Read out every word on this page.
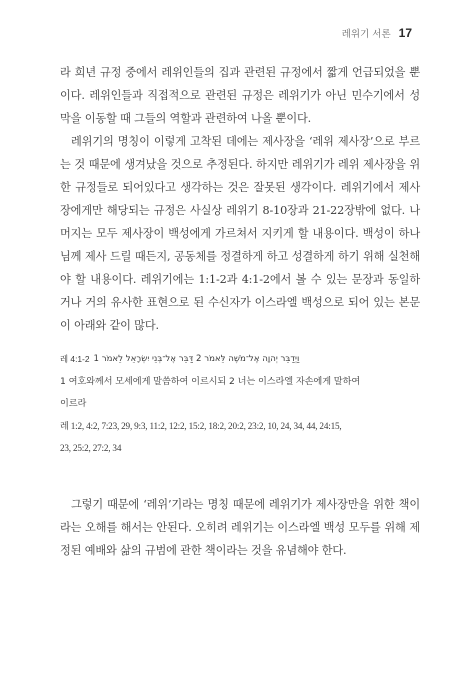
레위기 서론 17

라 희년 규정 중에서 레위인들의 집과 관련된 규정에서 짧게 언급되었을 뿐이다. 레위인들과 직접적으로 관련된 규정은 레위기가 아닌 민수기에서 성막을 이동할 때 그들의 역할과 관련하여 나올 뿐이다.

레위기의 명칭이 이렇게 고착된 데에는 제사장을 ‘레위 제사장’으로 부르는 것 때문에 생겨났을 것으로 추정된다. 하지만 레위기가 레위 제사장을 위한 규정들로 되어있다고 생각하는 것은 잘못된 생각이다. 레위기에서 제사장에게만 해당되는 규정은 사실상 레위기 8-10장과 21-22장밖에 없다. 나머지는 모두 제사장이 백성에게 가르쳐서 지키게 할 내용이다. 백성이 하나님께 제사 드릴 때든지, 공동체를 정결하게 하고 성결하게 하기 위해 실천해야 할 내용이다. 레위기에는 1:1-2과 4:1-2에서 볼 수 있는 문장과 동일하거나 거의 유사한 표현으로 된 수신자가 이스라엘 백성으로 되어 있는 본문이 아래와 같이 많다.

레 4:1-2 וַיְדַבֵּר יְהוָה אֶל־מֹשֶׁה לֵּאמֹר 2 דַּבֵּר אֶל־בְּנֵי יִשְׂרָאֵל לֵאמֹר 1
1 여호와께서 모세에게 말씀하여 이르시되 2 너는 이스라엘 자손에게 말하여
이르라
레 1:2, 4:2, 7:23, 29, 9:3, 11:2, 12:2, 15:2, 18:2, 20:2, 23:2, 10, 24, 34, 44, 24:15,
23, 25:2, 27:2, 34

그렇기 때문에 ‘레위’기라는 명칭 때문에 레위기가 제사장만을 위한 책이라는 오해를 해서는 안된다. 오히려 레위기는 이스라엘 백성 모두를 위해 제정된 예배와 삶의 규범에 관한 책이라는 것을 유념해야 한다.
